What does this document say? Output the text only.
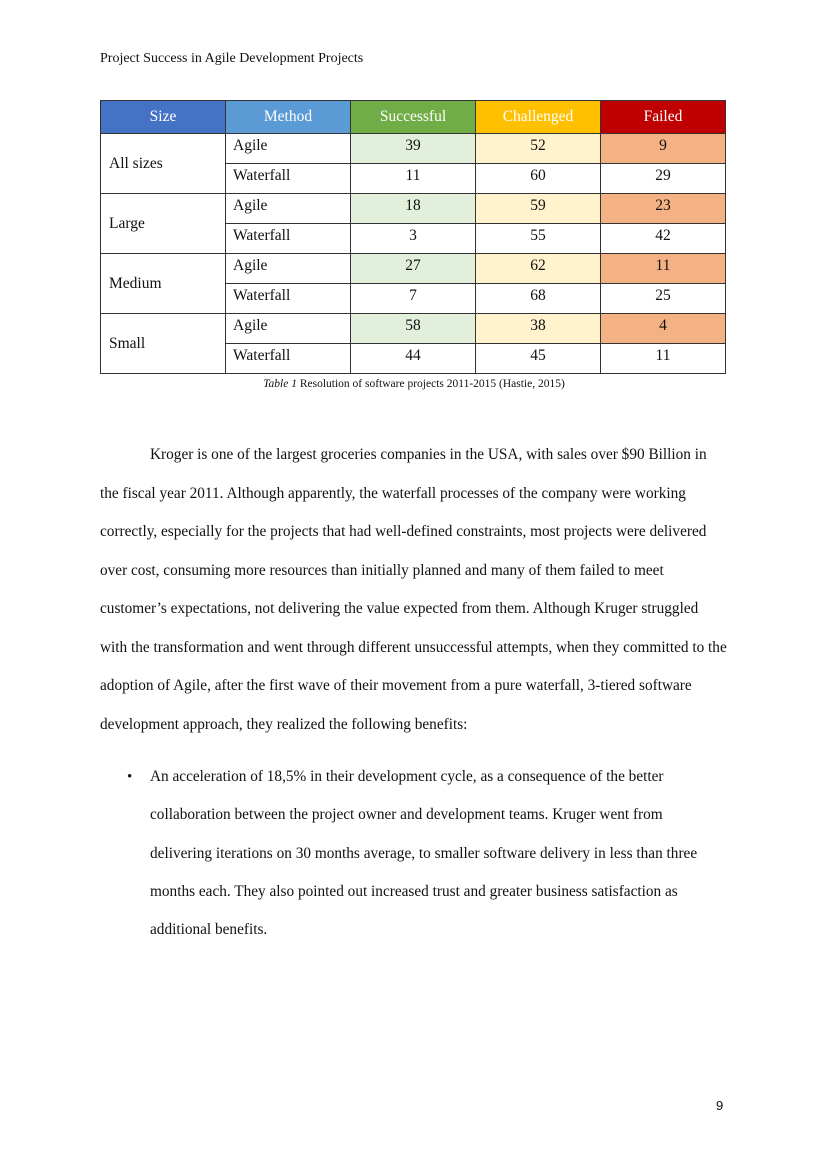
Project Success in Agile Development Projects

Size	Method	Successful	Challenged	Failed
All sizes	Agile	39	52	9
	Waterfall	11	60	29
Large	Agile	18	59	23
	Waterfall	3	55	42
Medium	Agile	27	62	11
	Waterfall	7	68	25
Small	Agile	58	38	4
	Waterfall	44	45	11
Table 1 Resolution of software projects 2011-2015 (Hastie, 2015)

Kroger is one of the largest groceries companies in the USA, with sales over $90 Billion in the fiscal year 2011. Although apparently, the waterfall processes of the company were working correctly, especially for the projects that had well-defined constraints, most projects were delivered over cost, consuming more resources than initially planned and many of them failed to meet customer’s expectations, not delivering the value expected from them. Although Kruger struggled with the transformation and went through different unsuccessful attempts, when they committed to the adoption of Agile, after the first wave of their movement from a pure waterfall, 3-tiered software development approach, they realized the following benefits:

•	An acceleration of 18,5% in their development cycle, as a consequence of the better collaboration between the project owner and development teams. Kruger went from delivering iterations on 30 months average, to smaller software delivery in less than three months each. They also pointed out increased trust and greater business satisfaction as additional benefits.

9
